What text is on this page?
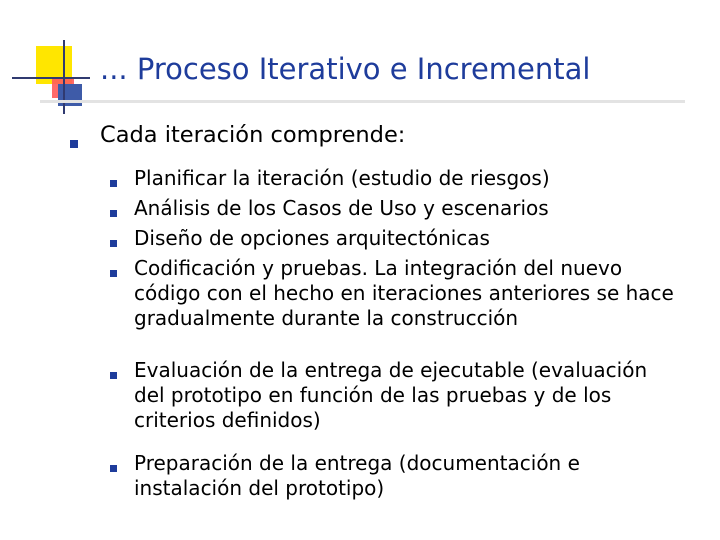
... Proceso Iterativo e Incremental
Cada iteración comprende:
Planificar la iteración (estudio de riesgos)
Análisis de los Casos de Uso y escenarios
Diseño de opciones arquitectónicas
Codificación y pruebas. La integración del nuevo código con el hecho en iteraciones anteriores se hace gradualmente durante la construcción
Evaluación de la entrega de ejecutable (evaluación del prototipo en función de las pruebas y de los criterios definidos)
Preparación de la entrega (documentación e instalación del prototipo)
